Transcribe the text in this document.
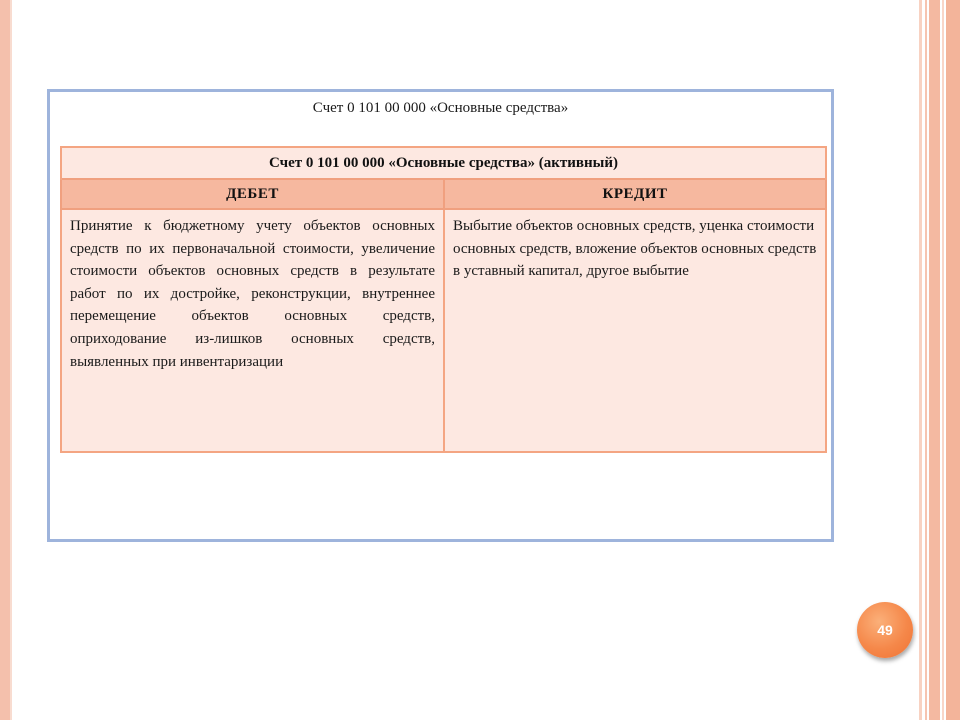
Счет 0 101 00 000 «Основные средства»
Счет 0 101 00 000 «Основные средства» (активный)	
ДЕБЕТ	КРЕДИТ
Принятие к бюджетному учету объектов основных средств по их первоначальной стоимости, увеличение стоимости объектов основных средств в результате работ по их достройке, реконструкции, внутреннее перемещение объектов основных средств, оприходование из-лишков основных средств, выявленных при инвентаризации	Выбытие объектов основных средств, уценка стоимости основных средств, вложение объектов основных средств в уставный капитал, другое выбытие
49
